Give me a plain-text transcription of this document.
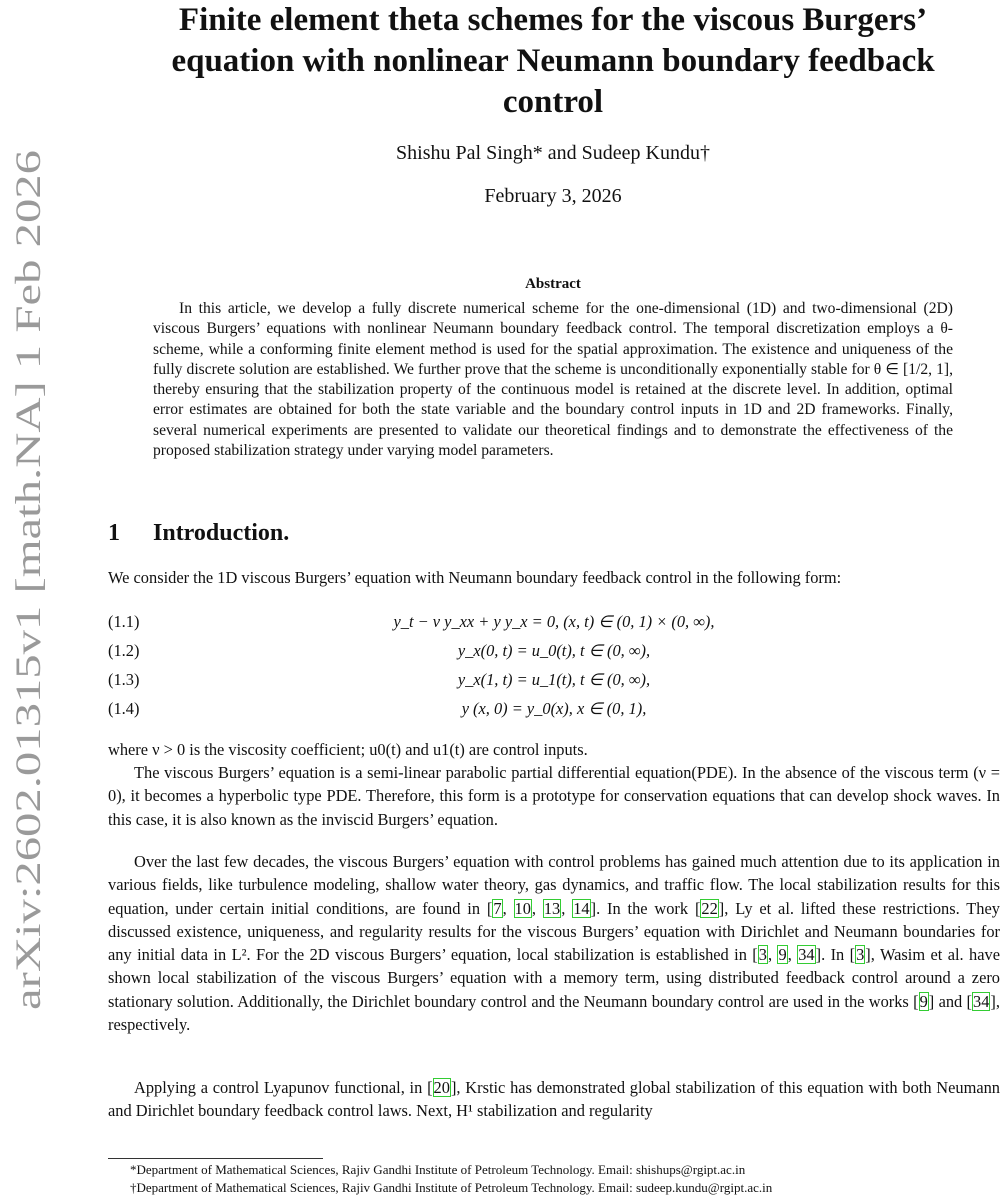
arXiv:2602.01315v1 [math.NA] 1 Feb 2026
Finite element theta schemes for the viscous Burgers’
equation with nonlinear Neumann boundary feedback
control
Shishu Pal Singh* and Sudeep Kundu†
February 3, 2026
Abstract
In this article, we develop a fully discrete numerical scheme for the one-dimensional (1D) and two-dimensional (2D) viscous Burgers’ equations with nonlinear Neumann boundary feedback control. The temporal discretization employs a θ-scheme, while a conforming finite element method is used for the spatial approximation. The existence and uniqueness of the fully discrete solution are established. We further prove that the scheme is unconditionally exponentially stable for θ ∈ [1/2, 1], thereby ensuring that the stabilization property of the continuous model is retained at the discrete level. In addition, optimal error estimates are obtained for both the state variable and the boundary control inputs in 1D and 2D frameworks. Finally, several numerical experiments are presented to validate our theoretical findings and to demonstrate the effectiveness of the proposed stabilization strategy under varying model parameters.
1 Introduction.
We consider the 1D viscous Burgers’ equation with Neumann boundary feedback control in the following form:
(1.1)	y_t − ν y_xx + y y_x = 0, (x, t) ∈ (0, 1) × (0, ∞),
(1.2)	y_x(0, t) = u_0(t), t ∈ (0, ∞),
(1.3)	y_x(1, t) = u_1(t), t ∈ (0, ∞),
(1.4)	y (x, 0) = y_0(x), x ∈ (0, 1),
where ν > 0 is the viscosity coefficient; u0(t) and u1(t) are control inputs.
The viscous Burgers’ equation is a semi-linear parabolic partial differential equation(PDE). In the absence of the viscous term (ν = 0), it becomes a hyperbolic type PDE. Therefore, this form is a prototype for conservation equations that can develop shock waves. In this case, it is also known as the inviscid Burgers’ equation.
Over the last few decades, the viscous Burgers’ equation with control problems has gained much attention due to its application in various fields, like turbulence modeling, shallow water theory, gas dynamics, and traffic flow. The local stabilization results for this equation, under certain initial conditions, are found in [7, 10, 13, 14]. In the work [22], Ly et al. lifted these restrictions. They discussed existence, uniqueness, and regularity results for the viscous Burgers’ equation with Dirichlet and Neumann boundaries for any initial data in L². For the 2D viscous Burgers’ equation, local stabilization is established in [3, 9, 34]. In [3], Wasim et al. have shown local stabilization of the viscous Burgers’ equation with a memory term, using distributed feedback control around a zero stationary solution. Additionally, the Dirichlet boundary control and the Neumann boundary control are used in the works [9] and [34], respectively.
Applying a control Lyapunov functional, in [20], Krstic has demonstrated global stabilization of this equation with both Neumann and Dirichlet boundary feedback control laws. Next, H¹ stabilization and regularity
*Department of Mathematical Sciences, Rajiv Gandhi Institute of Petroleum Technology. Email: shishups@rgipt.ac.in
†Department of Mathematical Sciences, Rajiv Gandhi Institute of Petroleum Technology. Email: sudeep.kundu@rgipt.ac.in
